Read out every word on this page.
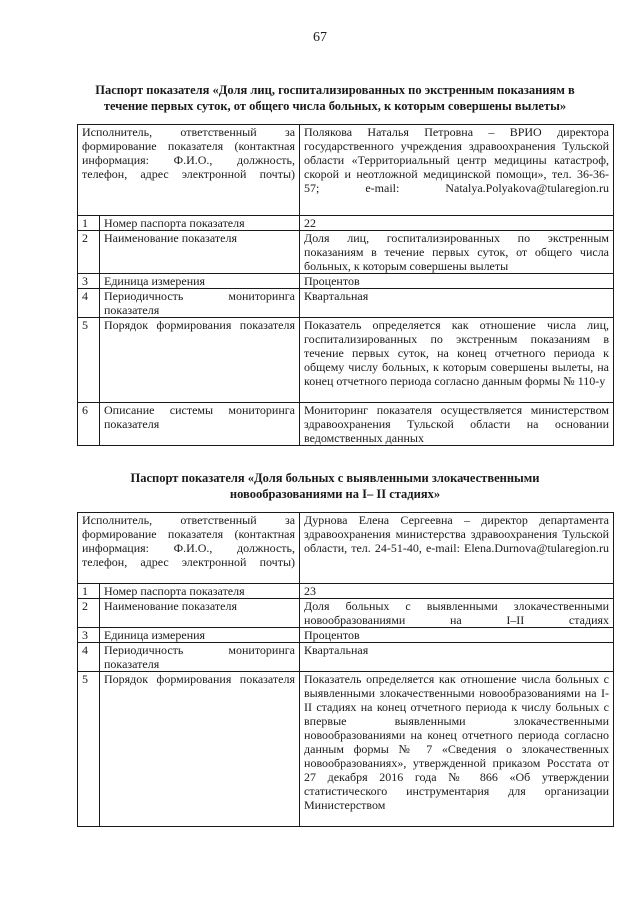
67
Паспорт показателя «Доля лиц, госпитализированных по экстренным показаниям в
течение первых суток, от общего числа больных, к которым совершены вылеты»
Исполнитель, ответственный за формирование показателя (контактная информация: Ф.И.О., должность, телефон, адрес электронной почты)		Полякова Наталья Петровна – ВРИО директора государственного учреждения здравоохранения Тульской области «Территориальный центр медицины катастроф, скорой и неотложной медицинской помощи», тел. 36-36-57; e-mail: Natalya.Polyakova@tularegion.ru
1	Номер паспорта показателя	22
2	Наименование показателя	Доля лиц, госпитализированных по экстренным показаниям в течение первых суток, от общего числа больных, к которым совершены вылеты
3	Единица измерения	Процентов
4	Периодичность мониторинга показателя	Квартальная
5	Порядок формирования показателя	Показатель определяется как отношение числа лиц, госпитализированных по экстренным показаниям в течение первых суток, на конец отчетного периода к общему числу больных, к которым совершены вылеты, на конец отчетного периода согласно данным формы № 110-у
6	Описание системы мониторинга показателя	Мониторинг показателя осуществляется министерством здравоохранения Тульской области на основании ведомственных данных
Паспорт показателя «Доля больных с выявленными злокачественными
новообразованиями на I– II стадиях»
Исполнитель, ответственный за формирование показателя (контактная информация: Ф.И.О., должность, телефон, адрес электронной почты)		Дурнова Елена Сергеевна – директор департамента здравоохранения министерства здравоохранения Тульской области, тел. 24-51-40, e-mail: Elena.Durnova@tularegion.ru
1	Номер паспорта показателя	23
2	Наименование показателя	Доля больных с выявленными злокачественными новообразованиями на I–II стадиях
3	Единица измерения	Процентов
4	Периодичность мониторинга показателя	Квартальная
5	Порядок формирования показателя	Показатель определяется как отношение числа больных с выявленными злокачественными новообразованиями на I-II стадиях на конец отчетного периода к числу больных с впервые выявленными злокачественными новообразованиями на конец отчетного периода согласно данным формы № 7 «Сведения о злокачественных новообразованиях», утвержденной приказом Росстата от 27 декабря 2016 года № 866 «Об утверждении статистического инструментария для организации Министерством
